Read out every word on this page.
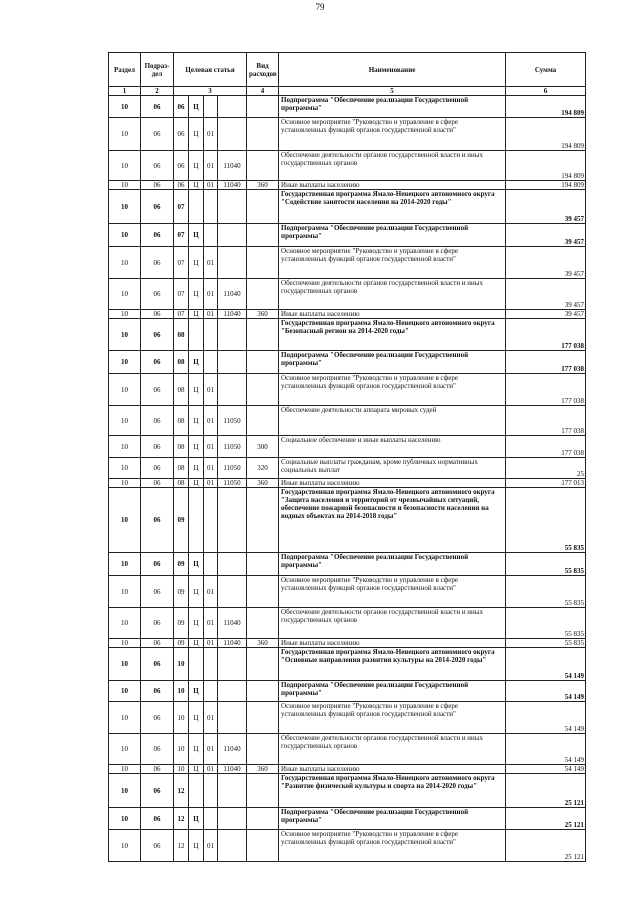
79
Раздел	Подраз-дел	Целевая статья				Вид расходов	Наименование	Сумма
1	2	3				4	5	6
10	06	06	Ц				Подпрограмма "Обеспечение реализации Государственной программы"	194 809
10	06	06	Ц	01			Основное мероприятие "Руководство и управление в сфере установленных функций органов государственной власти"	194 809
10	06	06	Ц	01	11040		Обеспечение деятельности органов государственной власти и иных государственных органов	194 809
10	06	06	Ц	01	11040	360	Иные выплаты населению	194 809
10	06	07					Государственная программа Ямало-Ненецкого автономного округа "Содействие занятости населения на 2014-2020 годы"	39 457
10	06	07	Ц				Подпрограмма "Обеспечение реализации Государственной программы"	39 457
10	06	07	Ц	01			Основное мероприятие "Руководство и управление в сфере установленных функций органов государственной власти"	39 457
10	06	07	Ц	01	11040		Обеспечение деятельности органов государственной власти и иных государственных органов	39 457
10	06	07	Ц	01	11040	360	Иные выплаты населению	39 457
10	06	08					Государственная программа Ямало-Ненецкого автономного округа "Безопасный регион на 2014-2020 годы"	177 038
10	06	08	Ц				Подпрограмма "Обеспечение реализации Государственной программы"	177 038
10	06	08	Ц	01			Основное мероприятие "Руководство и управление в сфере установленных функций органов государственной власти"	177 038
10	06	08	Ц	01	11050		Обеспечение деятельности аппарата мировых судей	177 038
10	06	08	Ц	01	11050	300	Социальное обеспечение и иные выплаты населению	177 038
10	06	08	Ц	01	11050	320	Социальные выплаты гражданам, кроме публичных нормативных социальных выплат	25
10	06	08	Ц	01	11050	360	Иные выплаты населению	177 013
10	06	09					Государственная программа Ямало-Ненецкого автономного округа "Защита населения и территорий от чрезвычайных ситуаций, обеспечение пожарной безопасности и безопасности населения на водных объектах на 2014-2018 годы"	55 835
10	06	09	Ц				Подпрограмма "Обеспечение реализации Государственной программы"	55 835
10	06	09	Ц	01			Основное мероприятие "Руководство и управление в сфере установленных функций органов государственной власти"	55 835
10	06	09	Ц	01	11040		Обеспечение деятельности органов государственной власти и иных государственных органов	55 835
10	06	09	Ц	01	11040	360	Иные выплаты населению	55 835
10	06	10					Государственная программа Ямало-Ненецкого автономного округа "Основные направления развития культуры на 2014-2020 годы"	54 149
10	06	10	Ц				Подпрограмма "Обеспечение реализации Государственной программы"	54 149
10	06	10	Ц	01			Основное мероприятие "Руководство и управление в сфере установленных функций органов государственной власти"	54 149
10	06	10	Ц	01	11040		Обеспечение деятельности органов государственной власти и иных государственных органов	54 149
10	06	10	Ц	01	11040	360	Иные выплаты населению	54 149
10	06	12					Государственная программа Ямало-Ненецкого автономного округа "Развитие физической культуры и спорта на 2014-2020 годы"	25 121
10	06	12	Ц				Подпрограмма "Обеспечение реализации Государственной программы"	25 121
10	06	12	Ц	01			Основное мероприятие "Руководство и управление в сфере установленных функций органов государственной власти"	25 121
